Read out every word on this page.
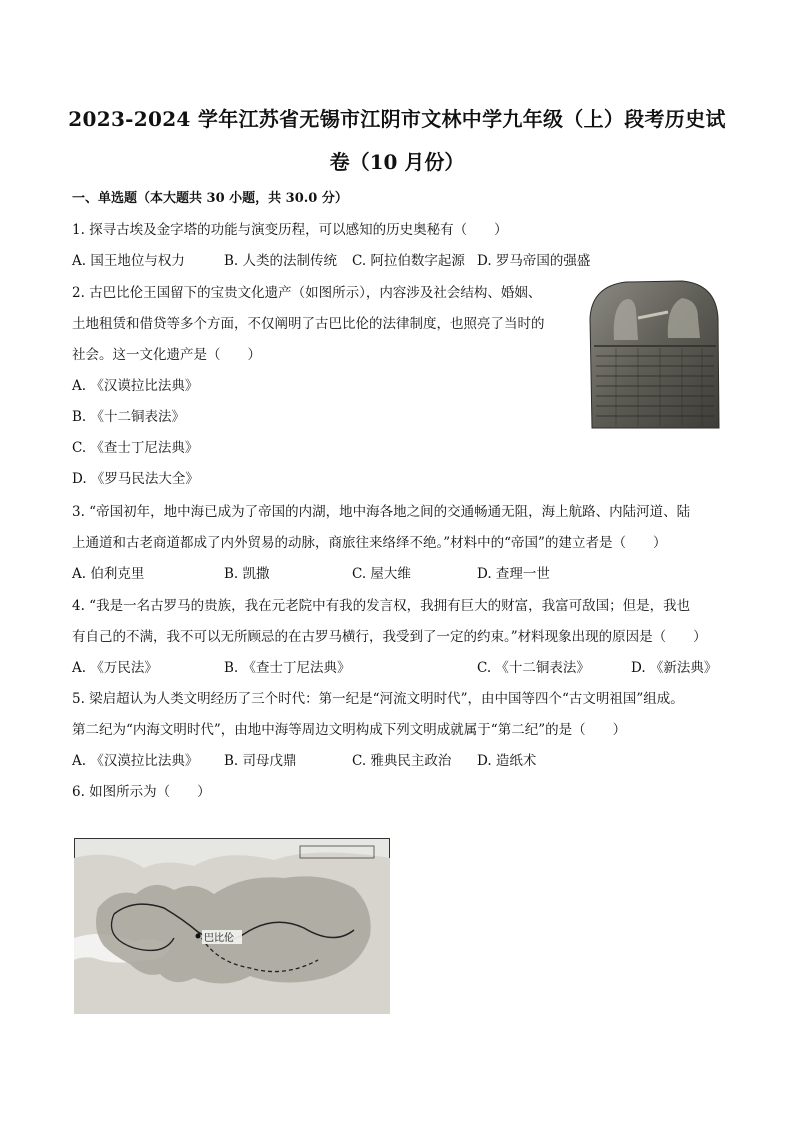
2023-2024 学年江苏省无锡市江阴市文林中学九年级（上）段考历史试
卷（10 月份）
一、单选题（本大题共 30 小题，共 30.0 分）
1. 探寻古埃及金字塔的功能与演变历程，可以感知的历史奥秘有（　　）
A. 国王地位与权力	B. 人类的法制传统 C. 阿拉伯数字起源 D. 罗马帝国的强盛
2. 古巴比伦王国留下的宝贵文化遗产（如图所示），内容涉及社会结构、婚姻、
土地租赁和借贷等多个方面，不仅阐明了古巴比伦的法律制度，也照亮了当时的
社会。这一文化遗产是（　　）
A. 《汉谟拉比法典》
B. 《十二铜表法》
C. 《查士丁尼法典》
D. 《罗马民法大全》
3. “帝国初年，地中海已成为了帝国的内湖，地中海各地之间的交通畅通无阻，海上航路、内陆河道、陆
上通道和古老商道都成了内外贸易的动脉，商旅往来络绎不绝。”材料中的“帝国”的建立者是（　　）
A. 伯利克里	B. 凯撒	C. 屋大维	D. 查理一世
4. “我是一名古罗马的贵族，我在元老院中有我的发言权，我拥有巨大的财富，我富可敌国；但是，我也
有自己的不满，我不可以无所顾忌的在古罗马横行，我受到了一定的约束。”材料现象出现的原因是（　　）
A. 《万民法》	B. 《查士丁尼法典》	C. 《十二铜表法》	D. 《新法典》
5. 梁启超认为人类文明经历了三个时代：第一纪是“河流文明时代”，由中国等四个“古文明祖国”组成。
第二纪为“内海文明时代”，由地中海等周边文明构成下列文明成就属于“第二纪”的是（　　）
A. 《汉漠拉比法典》 B. 司母戊鼎	C. 雅典民主政治 D. 造纸术
6. 如图所示为（　　）
巴比伦
